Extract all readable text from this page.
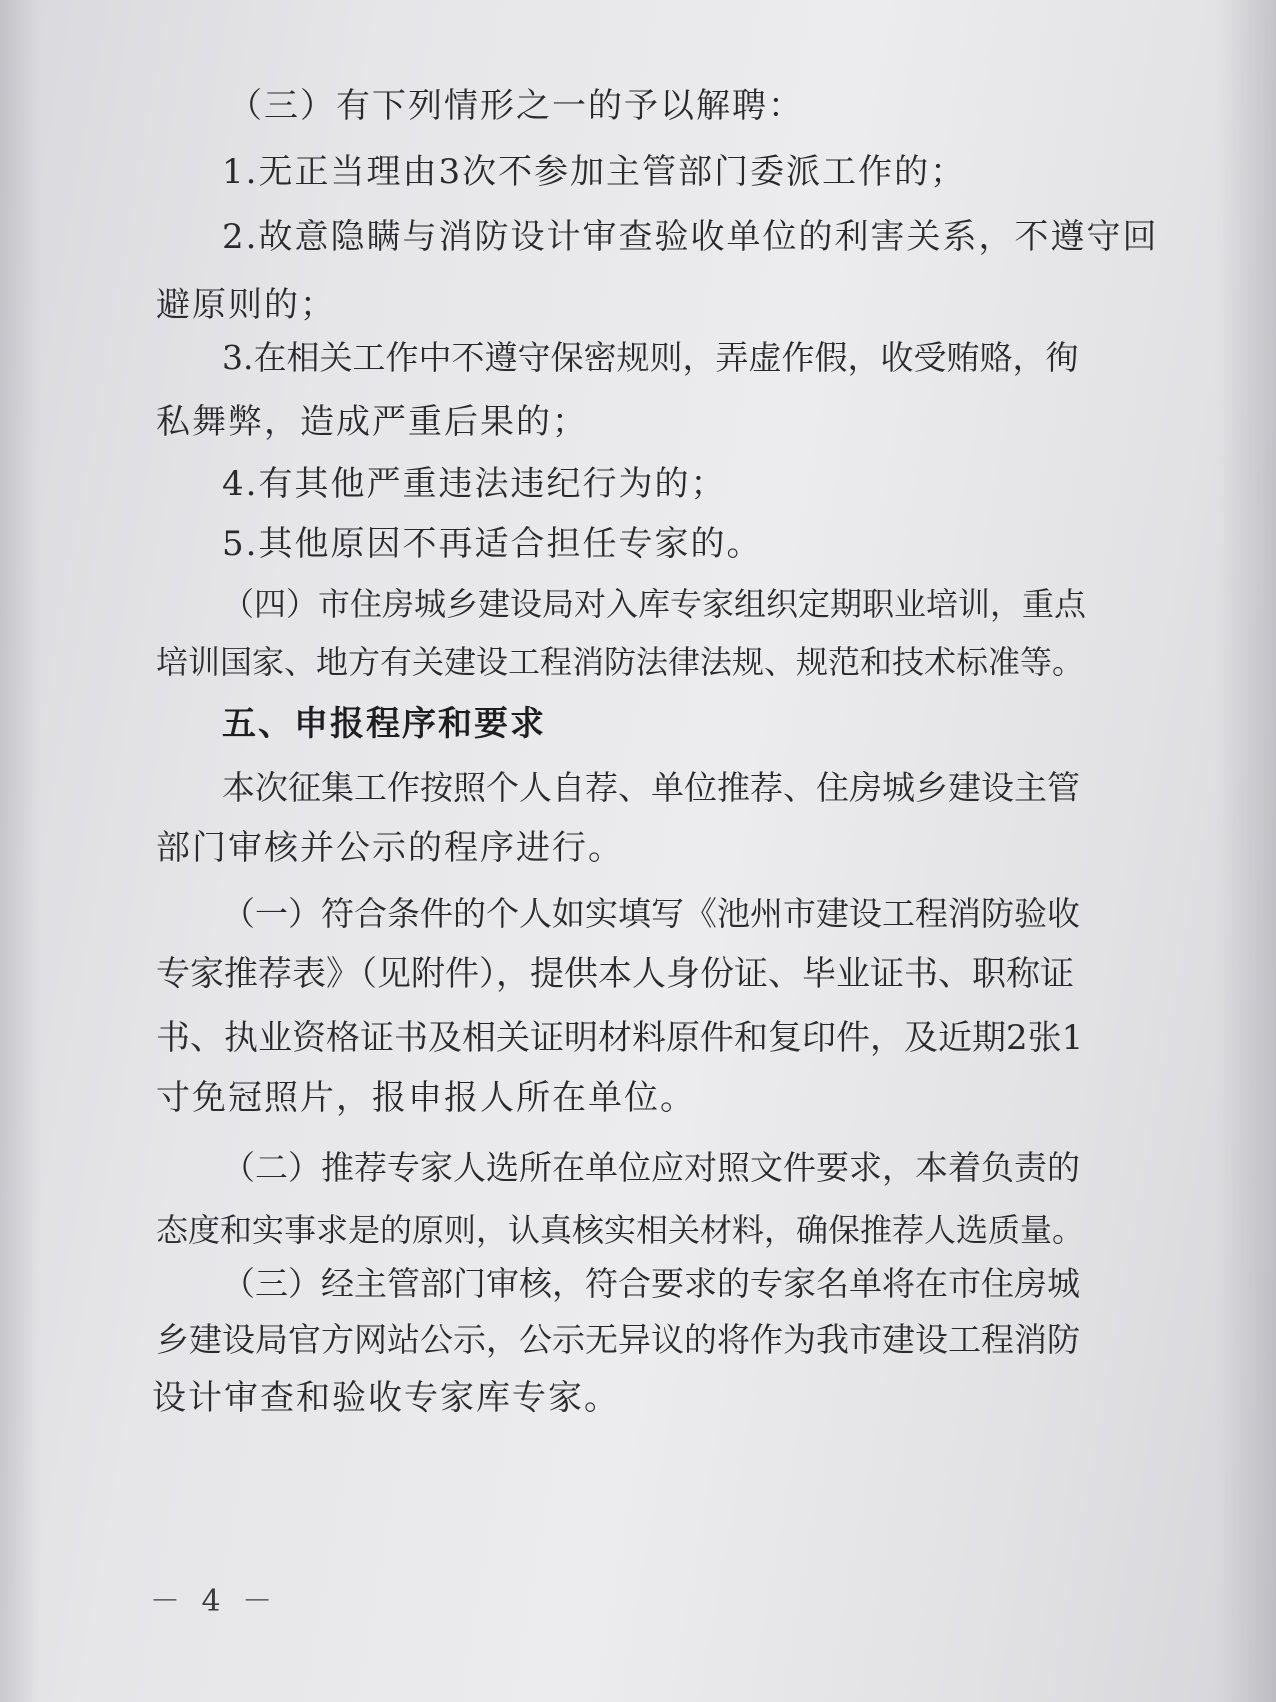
（三）有下列情形之一的予以解聘：
1.无正当理由3次不参加主管部门委派工作的；
2.故意隐瞒与消防设计审查验收单位的利害关系，不遵守回
避原则的；
3.在相关工作中不遵守保密规则，弄虚作假，收受贿赂，徇
私舞弊，造成严重后果的；
4.有其他严重违法违纪行为的；
5.其他原因不再适合担任专家的。
（四）市住房城乡建设局对入库专家组织定期职业培训，重点
培训国家、地方有关建设工程消防法律法规、规范和技术标准等。
五、申报程序和要求
本次征集工作按照个人自荐、单位推荐、住房城乡建设主管
部门审核并公示的程序进行。
（一）符合条件的个人如实填写《池州市建设工程消防验收
专家推荐表》（见附件），提供本人身份证、毕业证书、职称证
书、执业资格证书及相关证明材料原件和复印件，及近期2张1
寸免冠照片，报申报人所在单位。
（二）推荐专家人选所在单位应对照文件要求，本着负责的
态度和实事求是的原则，认真核实相关材料，确保推荐人选质量。
（三）经主管部门审核，符合要求的专家名单将在市住房城
乡建设局官方网站公示，公示无异议的将作为我市建设工程消防
设计审查和验收专家库专家。
－ 4 －
